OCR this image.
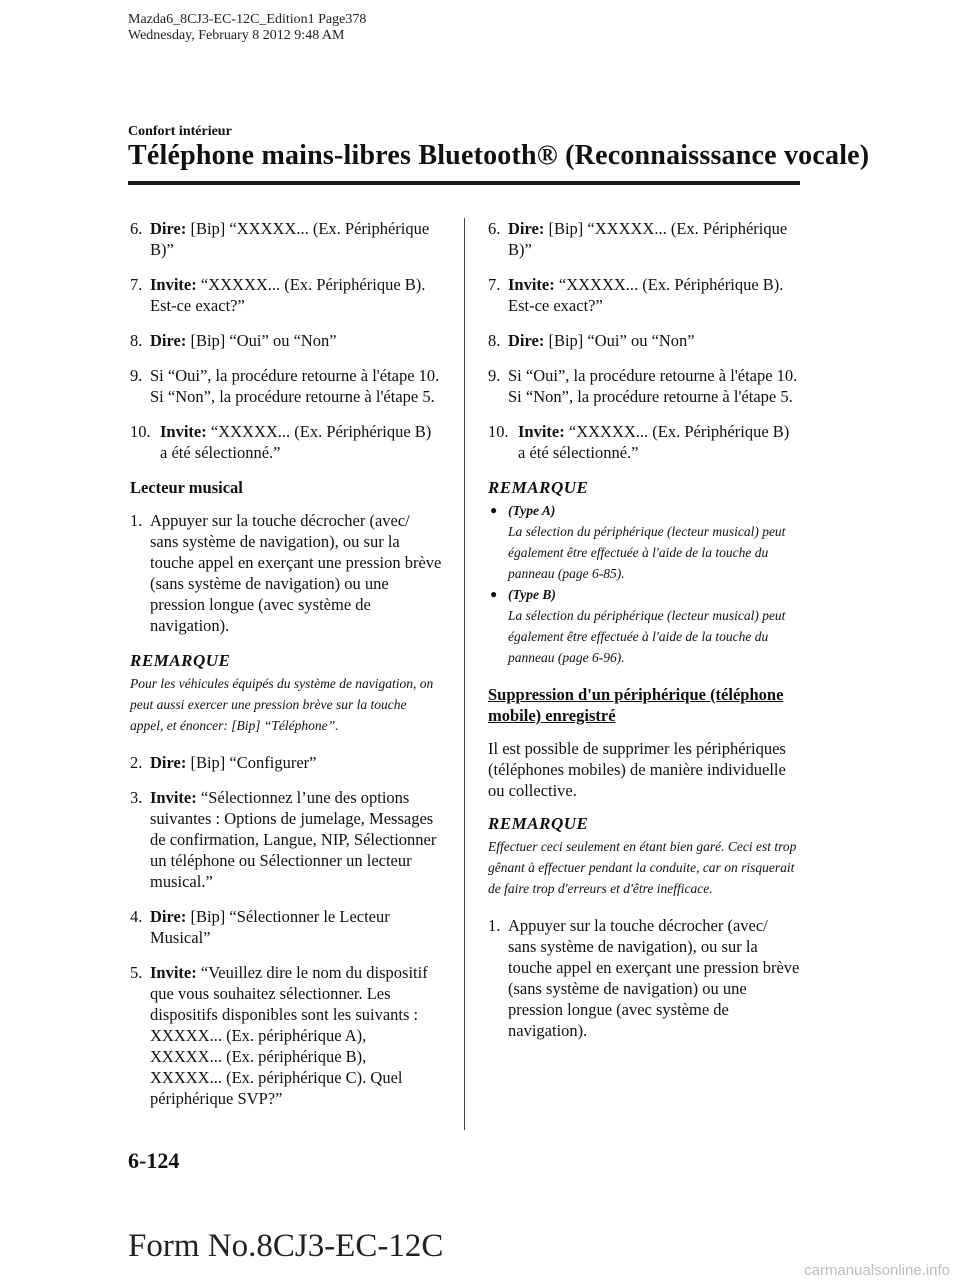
Mazda6_8CJ3-EC-12C_Edition1 Page378
Wednesday, February 8 2012 9:48 AM
Confort intérieur
Téléphone mains-libres Bluetooth® (Reconnaisssance vocale)
6. Dire: [Bip] “XXXXX... (Ex. Périphérique B)”
7. Invite: “XXXXX... (Ex. Périphérique B). Est-ce exact?”
8. Dire: [Bip] “Oui” ou “Non”
9. Si “Oui”, la procédure retourne à l'étape 10. Si “Non”, la procédure retourne à l'étape 5.
10. Invite: “XXXXX... (Ex. Périphérique B) a été sélectionné.”
Lecteur musical
1. Appuyer sur la touche décrocher (avec/ sans système de navigation), ou sur la touche appel en exerçant une pression brève (sans système de navigation) ou une pression longue (avec système de navigation).
REMARQUE
Pour les véhicules équipés du système de navigation, on peut aussi exercer une pression brève sur la touche appel, et énoncer: [Bip] “Téléphone”.
2. Dire: [Bip] “Configurer”
3. Invite: “Sélectionnez l’une des options suivantes : Options de jumelage, Messages de confirmation, Langue, NIP, Sélectionner un téléphone ou Sélectionner un lecteur musical.”
4. Dire: [Bip] “Sélectionner le Lecteur Musical”
5. Invite: “Veuillez dire le nom du dispositif que vous souhaitez sélectionner. Les dispositifs disponibles sont les suivants : XXXXX... (Ex. périphérique A), XXXXX... (Ex. périphérique B), XXXXX... (Ex. périphérique C). Quel périphérique SVP?”
6. Dire: [Bip] “XXXXX... (Ex. Périphérique B)”
7. Invite: “XXXXX... (Ex. Périphérique B). Est-ce exact?”
8. Dire: [Bip] “Oui” ou “Non”
9. Si “Oui”, la procédure retourne à l'étape 10. Si “Non”, la procédure retourne à l'étape 5.
10. Invite: “XXXXX... (Ex. Périphérique B) a été sélectionné.”
REMARQUE
● (Type A)
La sélection du périphérique (lecteur musical) peut également être effectuée à l'aide de la touche du panneau (page 6-85).
● (Type B)
La sélection du périphérique (lecteur musical) peut également être effectuée à l'aide de la touche du panneau (page 6-96).
Suppression d'un périphérique (téléphone mobile) enregistré
Il est possible de supprimer les périphériques (téléphones mobiles) de manière individuelle ou collective.
REMARQUE
Effectuer ceci seulement en étant bien garé. Ceci est trop gênant à effectuer pendant la conduite, car on risquerait de faire trop d'erreurs et d'être inefficace.
1. Appuyer sur la touche décrocher (avec/ sans système de navigation), ou sur la touche appel en exerçant une pression brève (sans système de navigation) ou une pression longue (avec système de navigation).
6-124
Form No.8CJ3-EC-12C
carmanualsonline.info
